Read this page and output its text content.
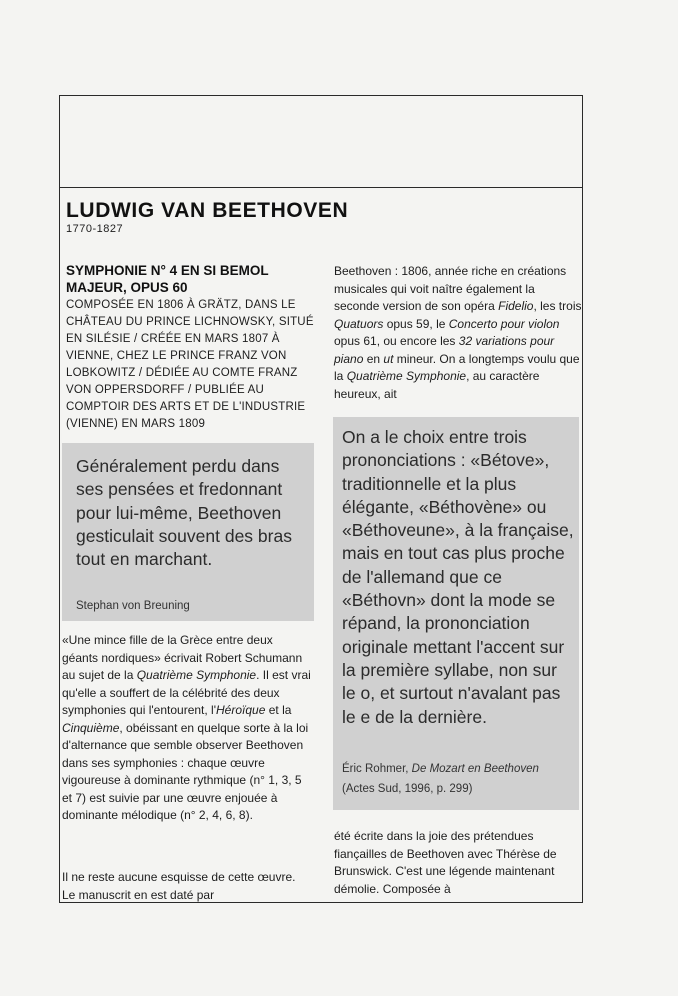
LUDWIG VAN BEETHOVEN
1770-1827
SYMPHONIE N° 4 EN SI BEMOL MAJEUR, OPUS 60
COMPOSÉE EN 1806 À GRÄTZ, DANS LE CHÂTEAU DU PRINCE LICHNOWSKY, SITUÉ EN SILÉSIE / CRÉÉE EN MARS 1807 À VIENNE, CHEZ LE PRINCE FRANZ VON LOBKOWITZ / DÉDIÉE AU COMTE FRANZ VON OPPERSDORFF / PUBLIÉE AU COMPTOIR DES ARTS ET DE L'INDUSTRIE (VIENNE) EN MARS 1809
Généralement perdu dans ses pensées et fredonnant pour lui-même, Beethoven gesticulait souvent des bras tout en marchant.
Stephan von Breuning
On a le choix entre trois prononciations : «Bétove», traditionnelle et la plus élégante, «Béthovène» ou «Béthoveune», à la française, mais en tout cas plus proche de l'allemand que ce «Béthovn» dont la mode se répand, la prononciation originale mettant l'accent sur la première syllabe, non sur le o, et surtout n'avalant pas le e de la dernière.
Éric Rohmer, De Mozart en Beethoven
(Actes Sud, 1996, p. 299)
«Une mince fille de la Grèce entre deux géants nordiques» écrivait Robert Schumann au sujet de la Quatrième Symphonie. Il est vrai qu'elle a souffert de la célébrité des deux symphonies qui l'entourent, l'Héroïque et la Cinquième, obéissant en quelque sorte à la loi d'alternance que semble observer Beethoven dans ses symphonies : chaque œuvre vigoureuse à dominante rythmique (n° 1, 3, 5 et 7) est suivie par une œuvre enjouée à dominante mélodique (n° 2, 4, 6, 8).
Il ne reste aucune esquisse de cette œuvre. Le manuscrit en est daté par
Beethoven : 1806, année riche en créations musicales qui voit naître également la seconde version de son opéra Fidelio, les trois Quatuors opus 59, le Concerto pour violon opus 61, ou encore les 32 variations pour piano en ut mineur. On a longtemps voulu que la Quatrième Symphonie, au caractère heureux, ait
été écrite dans la joie des prétendues fiançailles de Beethoven avec Thérèse de Brunswick. C'est une légende maintenant démolie. Composée à
